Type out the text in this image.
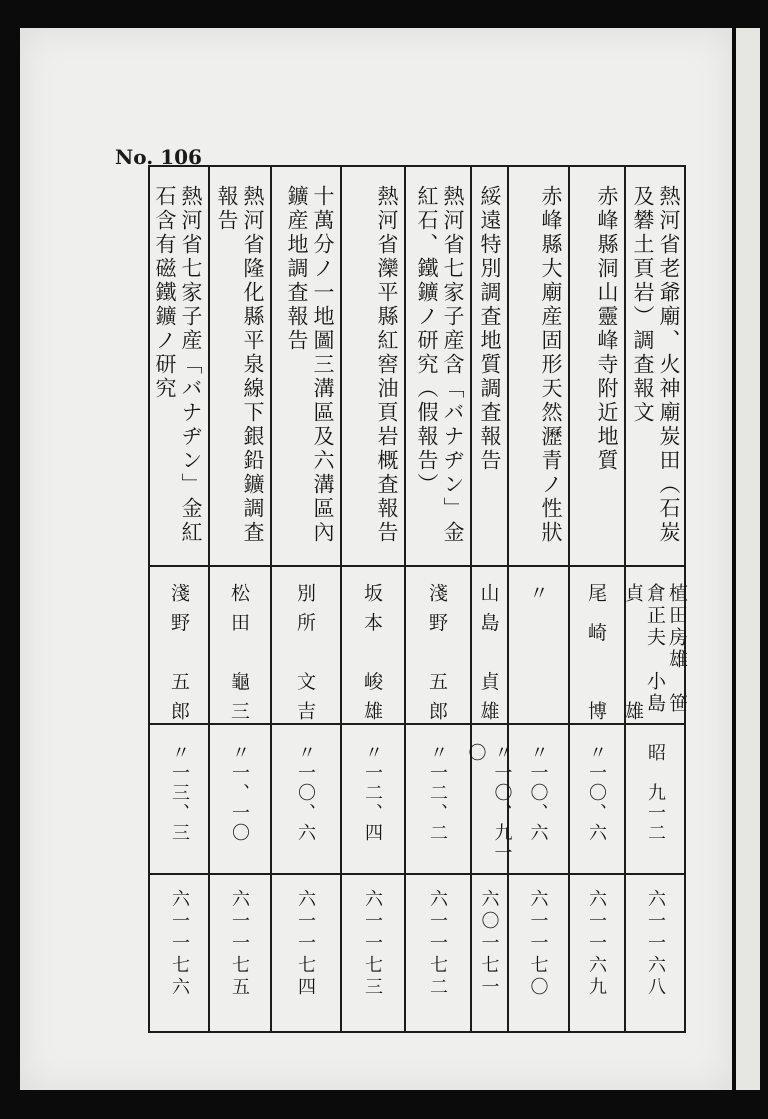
No. 106
熱河省老爺廟、火神廟炭田（石炭及礬土頁岩）調査報文
植田房雄　笹倉正夫　小島貞雄
昭　九一二
六一一六八
赤峰縣洞山靈峰寺附近地質
尾崎　博
〃一〇、六
六一一六九
赤峰縣大廟産固形天然瀝青ノ性狀
〃
〃一〇、六
六一一七〇
綏遠特別調査地質調査報告
山島　貞雄
〃一〇、九一〇
六〇一七一
熱河省七家子産含「バナヂン」金紅石、鐵鑛ノ研究（假報告）
淺野　五郎
〃一二、二
六一一七二
熱河省灤平縣紅窖油頁岩概査報告
坂本　峻雄
〃一二、四
六一一七三
十萬分ノ一地圖三溝區及六溝區內鑛産地調査報告
別所　文吉
〃一〇、六
六一一七四
熱河省隆化縣平泉線下銀鉛鑛調査報告
松田　龜三
〃一、一〇
六一一七五
熱河省七家子産「バナヂン」金紅石含有磁鐵鑛ノ研究
淺野　五郎
〃一三、三
六一一七六
